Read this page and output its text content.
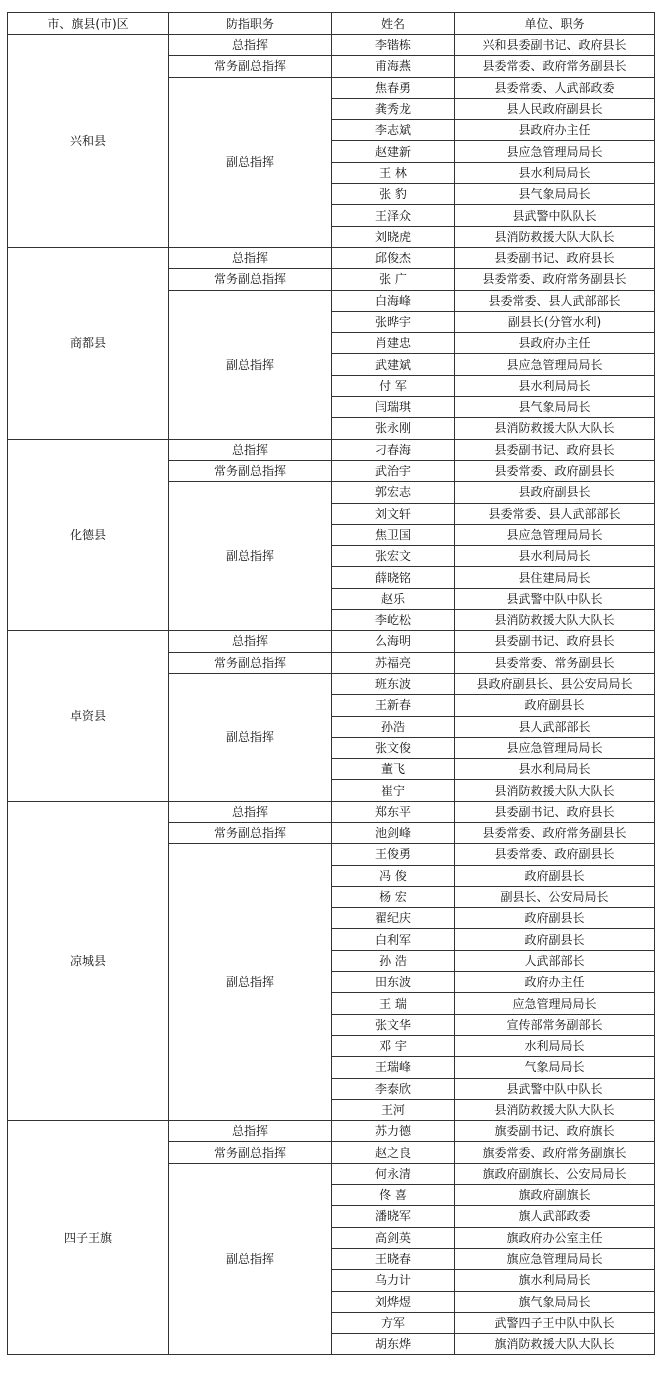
市、旗县(市)区	防指职务	姓名	单位、职务
兴和县	总指挥	李锴栋	兴和县委副书记、政府县长
	常务副总指挥	甫海燕	县委常委、政府常务副县长
	副总指挥	焦春勇	县委常委、人武部政委
		龚秀龙	县人民政府副县长
		李志斌	县政府办主任
		赵建新	县应急管理局局长
		王 林	县水利局局长
		张 豹	县气象局局长
		王泽众	县武警中队队长
		刘晓虎	县消防救援大队大队长
商都县	总指挥	邱俊杰	县委副书记、政府县长
	常务副总指挥	张 广	县委常委、政府常务副县长
	副总指挥	白海峰	县委常委、县人武部部长
		张晔宇	副县长(分管水利)
		肖建忠	县政府办主任
		武建斌	县应急管理局局长
		付 军	县水利局局长
		闫瑞琪	县气象局局长
		张永刚	县消防救援大队大队长
化德县	总指挥	刁春海	县委副书记、政府县长
	常务副总指挥	武治宇	县委常委、政府副县长
	副总指挥	郭宏志	县政府副县长
		刘文轩	县委常委、县人武部部长
		焦卫国	县应急管理局局长
		张宏文	县水利局局长
		薛晓铭	县住建局局长
		赵乐	县武警中队中队长
		李屹松	县消防救援大队大队长
卓资县	总指挥	么海明	县委副书记、政府县长
	常务副总指挥	苏福亮	县委常委、常务副县长
	副总指挥	班东波	县政府副县长、县公安局局长
		王新春	政府副县长
		孙浩	县人武部部长
		张文俊	县应急管理局局长
		董飞	县水利局局长
		崔宁	县消防救援大队大队长
凉城县	总指挥	郑东平	县委副书记、政府县长
	常务副总指挥	池剑峰	县委常委、政府常务副县长
	副总指挥	王俊勇	县委常委、政府副县长
		冯 俊	政府副县长
		杨 宏	副县长、公安局局长
		翟纪庆	政府副县长
		白利军	政府副县长
		孙 浩	人武部部长
		田东波	政府办主任
		王 瑞	应急管理局局长
		张文华	宣传部常务副部长
		邓 宇	水利局局长
		王瑞峰	气象局局长
		李泰欣	县武警中队中队长
		王河	县消防救援大队大队长
四子王旗	总指挥	苏力德	旗委副书记、政府旗长
	常务副总指挥	赵之良	旗委常委、政府常务副旗长
	副总指挥	何永清	旗政府副旗长、公安局局长
		佟 喜	旗政府副旗长
		潘晓军	旗人武部政委
		高剑英	旗政府办公室主任
		王晓春	旗应急管理局局长
		乌力计	旗水利局局长
		刘烨煜	旗气象局局长
		方军	武警四子王中队中队长
		胡东烨	旗消防救援大队大队长
